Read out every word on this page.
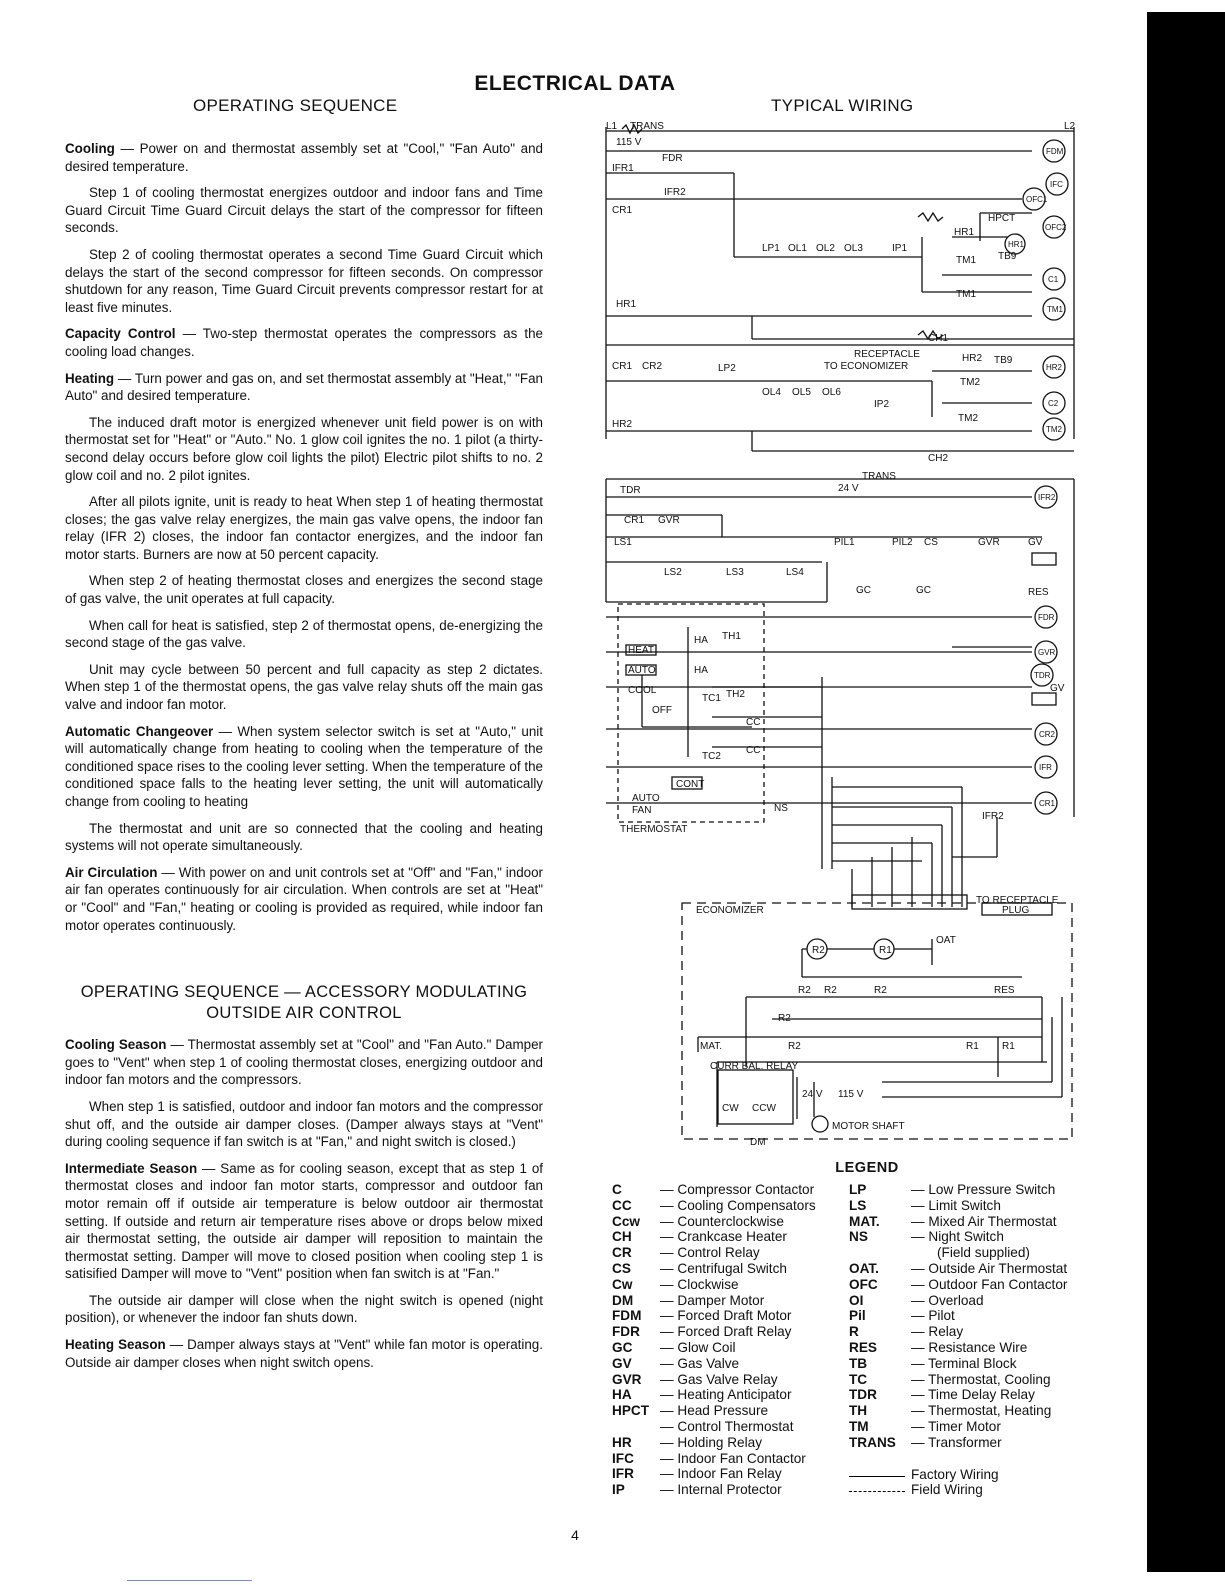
ELECTRICAL DATA
OPERATING SEQUENCE	TYPICAL WIRING

Cooling — Power on and thermostat assembly set at "Cool," "Fan Auto" and desired temperature.

Step 1 of cooling thermostat energizes outdoor and indoor fans and Time Guard Circuit Time Guard Circuit delays the start of the compressor for fifteen seconds.

Step 2 of cooling thermostat operates a second Time Guard Circuit which delays the start of the second compressor for fifteen seconds. On compressor shutdown for any reason, Time Guard Circuit prevents compressor restart for at least five minutes.

Capacity Control — Two-step thermostat operates the compressors as the cooling load changes.

Heating — Turn power and gas on, and set thermostat assembly at "Heat," "Fan Auto" and desired temperature.

The induced draft motor is energized whenever unit field power is on with thermostat set for "Heat" or "Auto." No. 1 glow coil ignites the no. 1 pilot (a thirty-second delay occurs before glow coil lights the pilot) Electric pilot shifts to no. 2 glow coil and no. 2 pilot ignites.

After all pilots ignite, unit is ready to heat When step 1 of heating thermostat closes; the gas valve relay energizes, the main gas valve opens, the indoor fan relay (IFR 2) closes, the indoor fan contactor energizes, and the indoor fan motor starts. Burners are now at 50 percent capacity.

When step 2 of heating thermostat closes and energizes the second stage of gas valve, the unit operates at full capacity.

When call for heat is satisfied, step 2 of thermostat opens, de-energizing the second stage of the gas valve.

Unit may cycle between 50 percent and full capacity as step 2 dictates. When step 1 of the thermostat opens, the gas valve relay shuts off the main gas valve and indoor fan motor.

Automatic Changeover — When system selector switch is set at "Auto," unit will automatically change from heating to cooling when the temperature of the conditioned space rises to the cooling lever setting. When the temperature of the conditioned space falls to the heating lever setting, the unit will automatically change from cooling to heating

The thermostat and unit are so connected that the cooling and heating systems will not operate simultaneously.

Air Circulation — With power on and unit controls set at "Off" and "Fan," indoor air fan operates continuously for air circulation. When controls are set at "Heat" or "Cool" and "Fan," heating or cooling is provided as required, while indoor fan motor operates continuously.

OPERATING SEQUENCE — ACCESSORY MODULATING
OUTSIDE AIR CONTROL

Cooling Season — Thermostat assembly set at "Cool" and "Fan Auto." Damper goes to "Vent" when step 1 of cooling thermostat closes, energizing outdoor and indoor fan motors and the compressors.

When step 1 is satisfied, outdoor and indoor fan motors and the compressor shut off, and the outside air damper closes. (Damper always stays at "Vent" during cooling sequence if fan switch is at "Fan," and night switch is closed.)

Intermediate Season — Same as for cooling season, except that as step 1 of thermostat closes and indoor fan motor starts, compressor and outdoor fan motor remain off if outside air temperature is below outdoor air thermostat setting. If outside and return air temperature rises above or drops below mixed air thermostat setting, the outside air damper will reposition to maintain the thermostat setting. Damper will move to closed position when cooling step 1 is satisified Damper will move to "Vent" position when fan switch is at "Fan."

The outside air damper will close when the night switch is opened (night position), or whenever the indoor fan shuts down.

Heating Season — Damper always stays at "Vent" while fan motor is operating. Outside air damper closes when night switch opens.

L1 TRANS	L2
115 V
FDR
IFR1
IFR2
CR1
HPCT
HR1
TB9
TM1
LP1 OL1 OL2 OL3	IP1
TM1
HR1
CH1
RECEPTACLE
TO ECONOMIZER
HR2 TB9
CR1 CR2	LP2
OL4 OL5 OL6
IP2
TM2
HR2
TM2
CH2
TRANS
24 V
TDR
CR1 GVR
LS1
LS2	LS3	LS4
PIL1	PIL2 CS	GVR	GV
GC	GC	RES
GV
HEAT
AUTO
COOL
OFF
HA TH1
HA
TC1 TH2
CC
TC2
CC
CONT
AUTO
FAN	NS
THERMOSTAT
IFR2
ECONOMIZER
TO RECEPTACLE
PLUG
R2	R1
OAT
R2 R2	R2	RES
R2
MAT.	R2	R1 R1
CURR BAL. RELAY
CW CCW
24 V 115 V
DM
MOTOR SHAFT
FDM
IFC
OFC1
OFC2
HR1
C1
TM1
HR2
C2
TM2
IFR2
FDR
GVR
TDR
CR2
IFR
CR1
LEGEND
C	— Compressor Contactor
CC — Cooling Compensators
Ccw — Counterclockwise
CH — Crankcase Heater
CR — Control Relay
CS — Centrifugal Switch
Cw — Clockwise
DM — Damper Motor
FDM — Forced Draft Motor
FDR — Forced Draft Relay
GC — Glow Coil
GV — Gas Valve
GVR — Gas Valve Relay
HA — Heating Anticipator
HPCT — Head Pressure
— Control Thermostat
HR — Holding Relay
IFC — Indoor Fan Contactor
IFR — Indoor Fan Relay
IP	— Internal Protector
LP	— Low Pressure Switch
LS	— Limit Switch
MAT. — Mixed Air Thermostat
NS	— Night Switch
(Field supplied)
OAT. — Outside Air Thermostat
OFC — Outdoor Fan Contactor
OI	— Overload
Pil	— Pilot
R	— Relay
RES	— Resistance Wire
TB	— Terminal Block
TC	— Thermostat, Cooling
TDR	— Time Delay Relay
TH	— Thermostat, Heating
TM	— Timer Motor
TRANS — Transformer
Factory Wiring
Field Wiring
4
